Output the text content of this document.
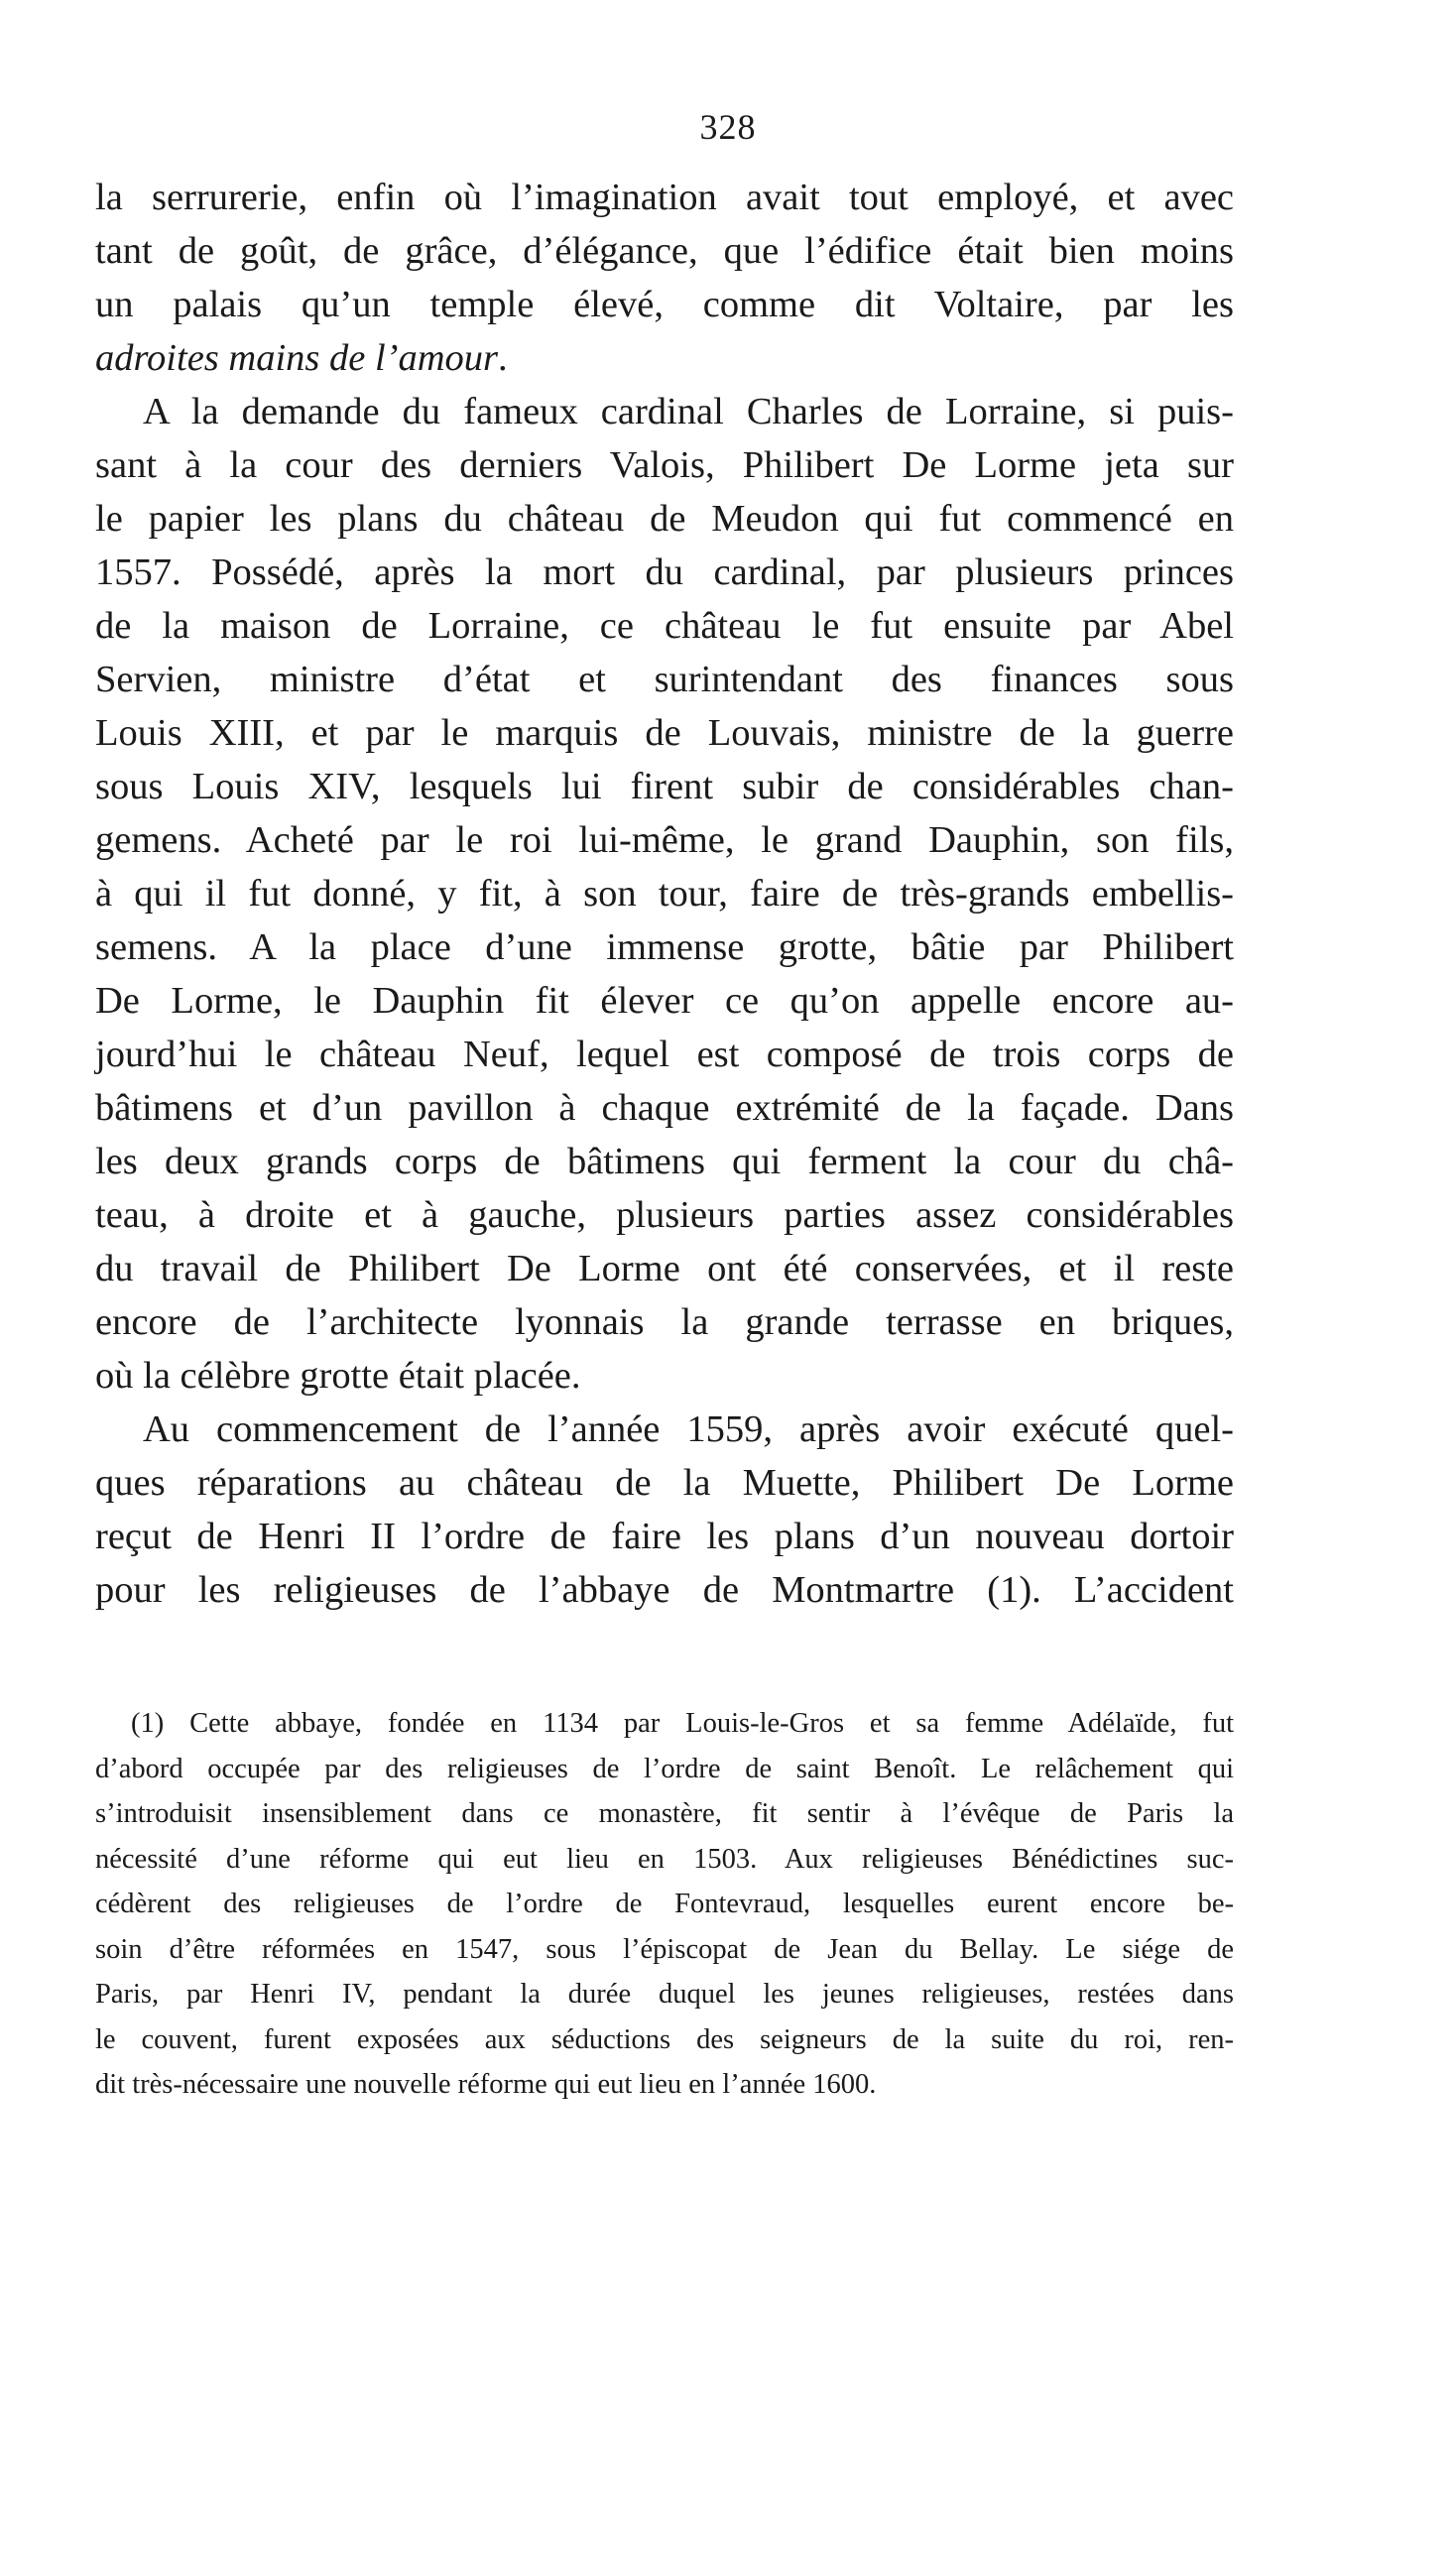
328
la serrurerie, enfin où l’imagination avait tout employé, et avec
tant de goût, de grâce, d’élégance, que l’édifice était bien moins
un palais qu’un temple élevé, comme dit Voltaire, par les
adroites mains de l’amour.
A la demande du fameux cardinal Charles de Lorraine, si puis-
sant à la cour des derniers Valois, Philibert De Lorme jeta sur
le papier les plans du château de Meudon qui fut commencé en
1557. Possédé, après la mort du cardinal, par plusieurs princes
de la maison de Lorraine, ce château le fut ensuite par Abel
Servien, ministre d’état et surintendant des finances sous
Louis XIII, et par le marquis de Louvais, ministre de la guerre
sous Louis XIV, lesquels lui firent subir de considérables chan-
gemens. Acheté par le roi lui-même, le grand Dauphin, son fils,
à qui il fut donné, y fit, à son tour, faire de très-grands embellis-
semens. A la place d’une immense grotte, bâtie par Philibert
De Lorme, le Dauphin fit élever ce qu’on appelle encore au-
jourd’hui le château Neuf, lequel est composé de trois corps de
bâtimens et d’un pavillon à chaque extrémité de la façade. Dans
les deux grands corps de bâtimens qui ferment la cour du châ-
teau, à droite et à gauche, plusieurs parties assez considérables
du travail de Philibert De Lorme ont été conservées, et il reste
encore de l’architecte lyonnais la grande terrasse en briques,
où la célèbre grotte était placée.
Au commencement de l’année 1559, après avoir exécuté quel-
ques réparations au château de la Muette, Philibert De Lorme
reçut de Henri II l’ordre de faire les plans d’un nouveau dortoir
pour les religieuses de l’abbaye de Montmartre (1). L’accident
(1) Cette abbaye, fondée en 1134 par Louis-le-Gros et sa femme Adélaïde, fut
d’abord occupée par des religieuses de l’ordre de saint Benoît. Le relâchement qui
s’introduisit insensiblement dans ce monastère, fit sentir à l’évêque de Paris la
nécessité d’une réforme qui eut lieu en 1503. Aux religieuses Bénédictines suc-
cédèrent des religieuses de l’ordre de Fontevraud, lesquelles eurent encore be-
soin d’être réformées en 1547, sous l’épiscopat de Jean du Bellay. Le siége de
Paris, par Henri IV, pendant la durée duquel les jeunes religieuses, restées dans
le couvent, furent exposées aux séductions des seigneurs de la suite du roi, ren-
dit très-nécessaire une nouvelle réforme qui eut lieu en l’année 1600.
